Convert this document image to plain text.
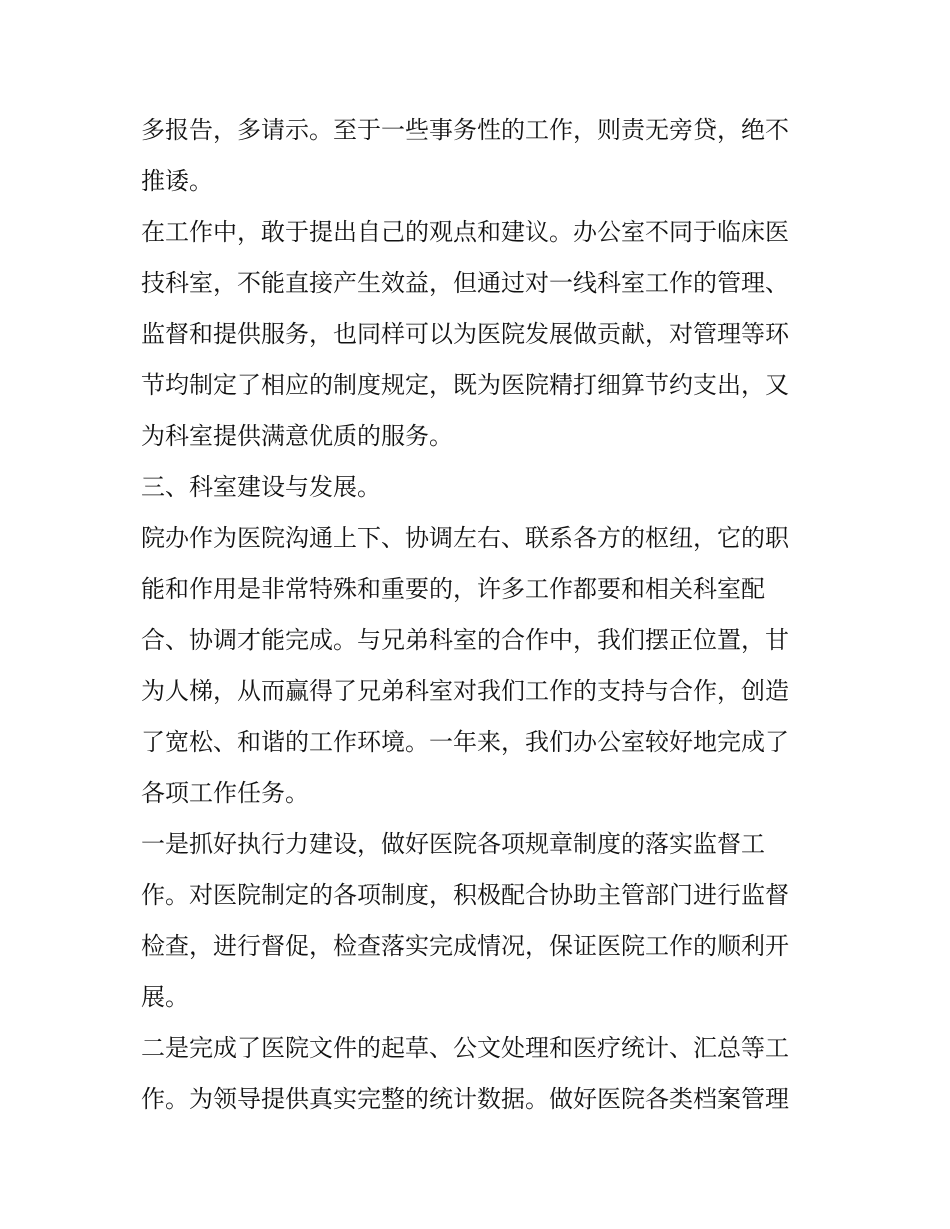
多报告，多请示。至于一些事务性的工作，则责无旁贷，绝不
推诿。
在工作中，敢于提出自己的观点和建议。办公室不同于临床医
技科室，不能直接产生效益，但通过对一线科室工作的管理、
监督和提供服务，也同样可以为医院发展做贡献，对管理等环
节均制定了相应的制度规定，既为医院精打细算节约支出，又
为科室提供满意优质的服务。
三、科室建设与发展。
院办作为医院沟通上下、协调左右、联系各方的枢纽，它的职
能和作用是非常特殊和重要的，许多工作都要和相关科室配
合、协调才能完成。与兄弟科室的合作中，我们摆正位置，甘
为人梯，从而赢得了兄弟科室对我们工作的支持与合作，创造
了宽松、和谐的工作环境。一年来，我们办公室较好地完成了
各项工作任务。
一是抓好执行力建设，做好医院各项规章制度的落实监督工
作。对医院制定的各项制度，积极配合协助主管部门进行监督
检查，进行督促，检查落实完成情况，保证医院工作的顺利开
展。
二是完成了医院文件的起草、公文处理和医疗统计、汇总等工
作。为领导提供真实完整的统计数据。做好医院各类档案管理
